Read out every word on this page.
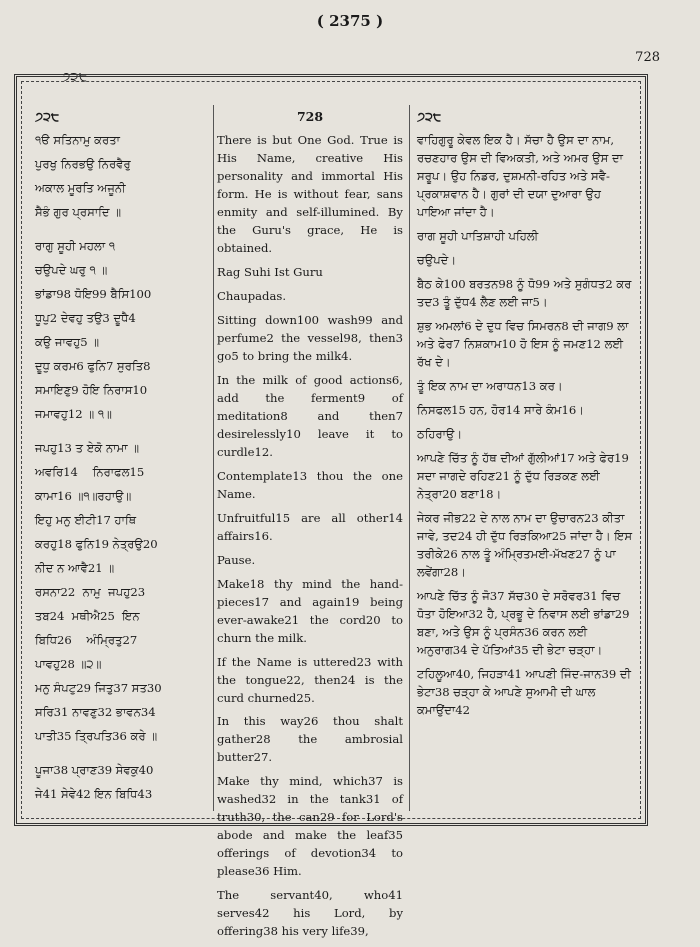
( 2375 )
728
੭੨੮
੭੨੮
੧ੳ ਸਤਿਨਾਮੁ ਕਰਤਾ
ਪੁਰਖੁ ਨਿਰਭਉ ਨਿਰਵੈਰੁ
ਅਕਾਲ ਮੂਰਤਿ ਅਜੂਨੀ
ਸੈਭੰ ਗੁਰ ਪ੍ਰਸਾਦਿ ॥
ਰਾਗੁ ਸੂਹੀ ਮਹਲਾ ੧
ਚਉਪਦੇ ਘਰੁ ੧ ॥
ਭਾਂਡਾ98 ਧੋਇ99 ਬੈਸਿ100
ਧੂਪੁ2 ਦੇਵਹੁ ਤਉ3 ਦੂਧੈ4
ਕਉ ਜਾਵਹੁ5 ॥
ਦੂਧੁ ਕਰਮ6 ਫੁਨਿ7 ਸੁਰਤਿ8
ਸਮਾਇਣੁ9 ਹੋਇ ਨਿਰਾਸ10
ਜਮਾਵਹੁ12 ॥ ੧॥
ਜਪਹੁ13 ਤ ਏਕੋ ਨਾਮਾ ॥
ਅਵਰਿ14    ਨਿਰਾਫਲ15
ਕਾਮਾ16 ॥੧॥ਰਹਾਉ॥
ਇਹੁ ਮਨੁ ਈਟੀ17 ਹਾਥਿ
ਕਰਹੁ18 ਫੁਨਿ19 ਨੇਤ੍ਰਉ20
ਨੀਦ ਨ ਆਵੈ21 ॥
ਰਸਨਾ22  ਨਾਮੁ  ਜਪਹੁ23
ਤਬ24  ਮਥੀਐ25  ਇਨ
ਬਿਧਿ26    ਅੰਮ੍ਰਿਤੁ27
ਪਾਵਹੁ28 ॥੨॥
ਮਨੁ ਸੰਪਟੁ29 ਜਿਤੁ37 ਸਤ30
ਸਰਿ31 ਨਾਵਣੁ32 ਭਾਵਨ34
ਪਾਤੀ35 ਤ੍ਰਿਪਤਿ36 ਕਰੇ ॥
ਪੂਜਾ38 ਪ੍ਰਾਣ39 ਸੇਵਕੁ40
ਜੇ41 ਸੇਵੇ42 ਇਨ ਬਿਧਿ43
728
There is but One God. True is His Name, creative His personality and immortal His form. He is without fear, sans enmity and self-illumined. By the Guru's grace, He is obtained.
Rag Suhi Ist Guru
Chaupadas.
Sitting down100 wash99 and perfume2 the vessel98, then3 go5 to bring the milk4.
In the milk of good actions6, add the ferment9 of meditation8 and then7 desirelessly10 leave it to curdle12.
Contemplate13 thou the one Name.
Unfruitful15 are all other14 affairs16.
Pause.
Make18 thy mind the hand-pieces17 and again19 being ever-awake21 the cord20 to churn the milk.
If the Name is uttered23 with the tongue22, then24 is the curd churned25.
In this way26 thou shalt gather28 the ambrosial butter27.
Make thy mind, which37 is washed32 in the tank31 of truth30, the can29 for Lord's abode and make the leaf35 offerings of devotion34 to please36 Him.
The servant40, who41 serves42 his Lord, by offering38 his very life39,
੭੨੮
ਵਾਹਿਗੁਰੂ ਕੇਵਲ ਇਕ ਹੈ। ਸੱਚਾ ਹੈ ਉਸ ਦਾ ਨਾਮ, ਰਚਣਹਾਰ ਉਸ ਦੀ ਵਿਅਕਤੀ, ਅਤੇ ਅਮਰ ਉਸ ਦਾ ਸਰੂਪ। ਉਹ ਨਿਡਰ, ਦੁਸ਼ਮਨੀ-ਰਹਿਤ ਅਤੇ ਸਵੈ-ਪ੍ਰਕਾਸ਼ਵਾਨ ਹੈ। ਗੁਰਾਂ ਦੀ ਦਯਾ ਦੁਆਰਾ ਉਹ ਪਾਇਆ ਜਾਂਦਾ ਹੈ।
ਰਾਗ ਸੂਹੀ ਪਾਤਿਸ਼ਾਹੀ ਪਹਿਲੀ
ਚਉਪਦੇ।
ਬੈਠ ਕੇ100 ਬਰਤਨ98 ਨੂੰ ਧੋ99 ਅਤੇ ਸੁਗੰਧਤ2 ਕਰ ਤਦ3 ਤੂੰ ਦੁੱਧ4 ਲੈਣ ਲਈ ਜਾ5।
ਸ਼ੁਭ ਅਮਲਾਂ6 ਦੇ ਦੁਧ ਵਿਚ ਸਿਮਰਨ8 ਦੀ ਜਾਗ9 ਲਾ ਅਤੇ ਫੇਰ7 ਨਿਸ਼ਕਾਮ10 ਹੋ ਇਸ ਨੂੰ ਜਮਣ12 ਲਈ ਰੱਖ ਦੇ।
ਤੂੰ ਇਕ ਨਾਮ ਦਾ ਅਰਾਧਨ13 ਕਰ।
ਨਿਸਫਲ15 ਹਨ, ਹੋਰ14 ਸਾਰੇ ਕੰਮ16।
ਠਹਿਰਾਉ।
ਆਪਣੇ ਚਿੱਤ ਨੂੰ ਹੱਥ ਦੀਆਂ ਗੁੱਲੀਆਂ17 ਅਤੇ ਫੇਰ19 ਸਦਾ ਜਾਗਦੇ ਰਹਿਣ21 ਨੂੰ ਦੁੱਧ ਰਿੜਕਣ ਲਈ ਨੇਤ੍ਰਾ20 ਬਣਾ18।
ਜੇਕਰ ਜੀਭ22 ਦੇ ਨਾਲ ਨਾਮ ਦਾ ਉਚਾਰਨ23 ਕੀਤਾ ਜਾਵੇ, ਤਦ24 ਹੀ ਦੁੱਧ ਰਿੜਕਿਆ25 ਜਾਂਦਾ ਹੈ। ਇਸ ਤਰੀਕੇ26 ਨਾਲ ਤੂੰ ਅੰਮ੍ਰਿਤਮਈ-ਮੱਖਣ27 ਨੂੰ ਪਾ ਲਵੇਂਗਾ28।
ਆਪਣੇ ਚਿੱਤ ਨੂੰ ਜੋ37 ਸੱਚ30 ਦੇ ਸਰੋਵਰ31 ਵਿਚ ਧੋਤਾ ਹੋਇਆ32 ਹੈ, ਪ੍ਰਭੂ ਦੇ ਨਿਵਾਸ ਲਈ ਭਾਂਡਾ29 ਬਣਾ, ਅਤੇ ਉਸ ਨੂੰ ਪ੍ਰਸੰਨ36 ਕਰਨ ਲਈ ਅਨੁਰਾਗ34 ਦੇ ਪੱਤਿਆਂ35 ਦੀ ਭੇਟਾ ਚੜ੍ਹਾ।
ਟਹਿਲੂਆ40, ਜਿਹੜਾ41 ਆਪਣੀ ਜਿੰਦ-ਜਾਨ39 ਦੀ ਭੇਟਾ38 ਚੜ੍ਹਾ ਕੇ ਆਪਣੇ ਸੁਆਮੀ ਦੀ ਘਾਲ ਕਮਾਉਂਦਾ42
